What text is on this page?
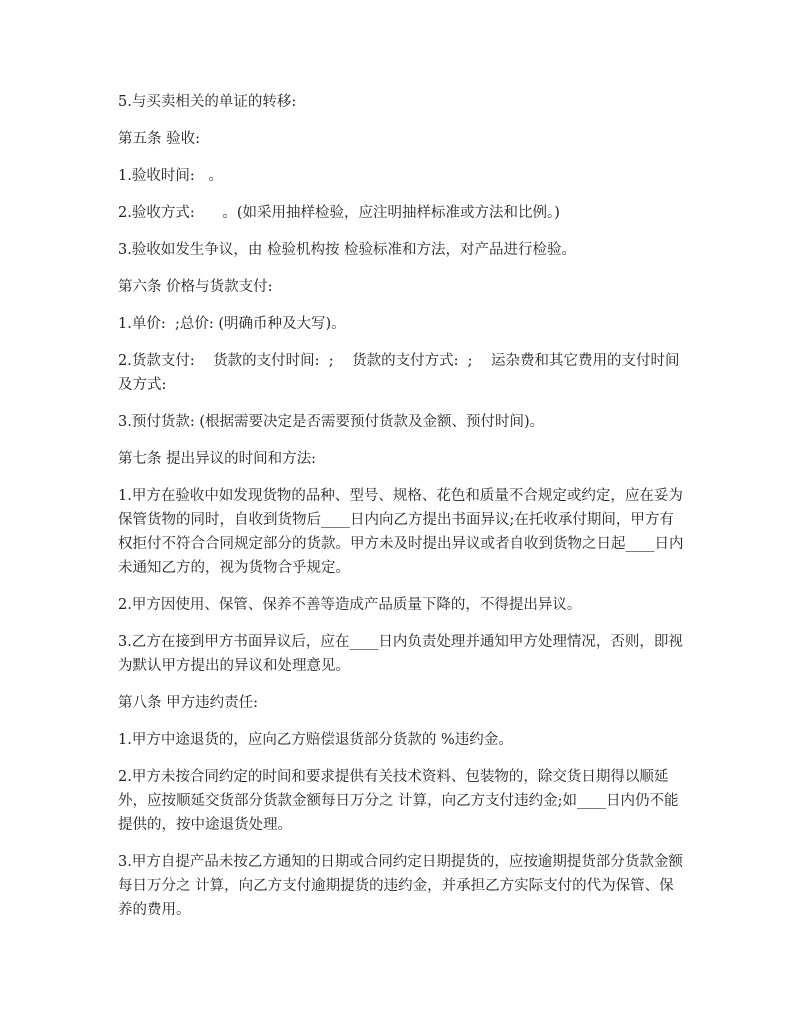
5.与买卖相关的单证的转移:

第五条 验收:

1.验收时间:   。

2.验收方式:      。(如采用抽样检验，应注明抽样标准或方法和比例。)

3.验收如发生争议，由 检验机构按 检验标准和方法，对产品进行检验。

第六条 价格与货款支付:

1.单价:  ;总价: (明确币种及大写)。

2.货款支付:    货款的支付时间:  ;    货款的支付方式:  ;    运杂费和其它费用的支付时间及方式:

3.预付货款: (根据需要决定是否需要预付货款及金额、预付时间)。

第七条 提出异议的时间和方法:

1.甲方在验收中如发现货物的品种、型号、规格、花色和质量不合规定或约定，应在妥为保管货物的同时，自收到货物后____日内向乙方提出书面异议;在托收承付期间，甲方有权拒付不符合合同规定部分的货款。甲方未及时提出异议或者自收到货物之日起____日内未通知乙方的，视为货物合乎规定。

2.甲方因使用、保管、保养不善等造成产品质量下降的，不得提出异议。

3.乙方在接到甲方书面异议后，应在____日内负责处理并通知甲方处理情况，否则，即视为默认甲方提出的异议和处理意见。

第八条 甲方违约责任:

1.甲方中途退货的，应向乙方赔偿退货部分货款的 %违约金。

2.甲方未按合同约定的时间和要求提供有关技术资料、包装物的，除交货日期得以顺延外，应按顺延交货部分货款金额每日万分之 计算，向乙方支付违约金;如____日内仍不能提供的，按中途退货处理。

3.甲方自提产品未按乙方通知的日期或合同约定日期提货的，应按逾期提货部分货款金额每日万分之 计算，向乙方支付逾期提货的违约金，并承担乙方实际支付的代为保管、保养的费用。
